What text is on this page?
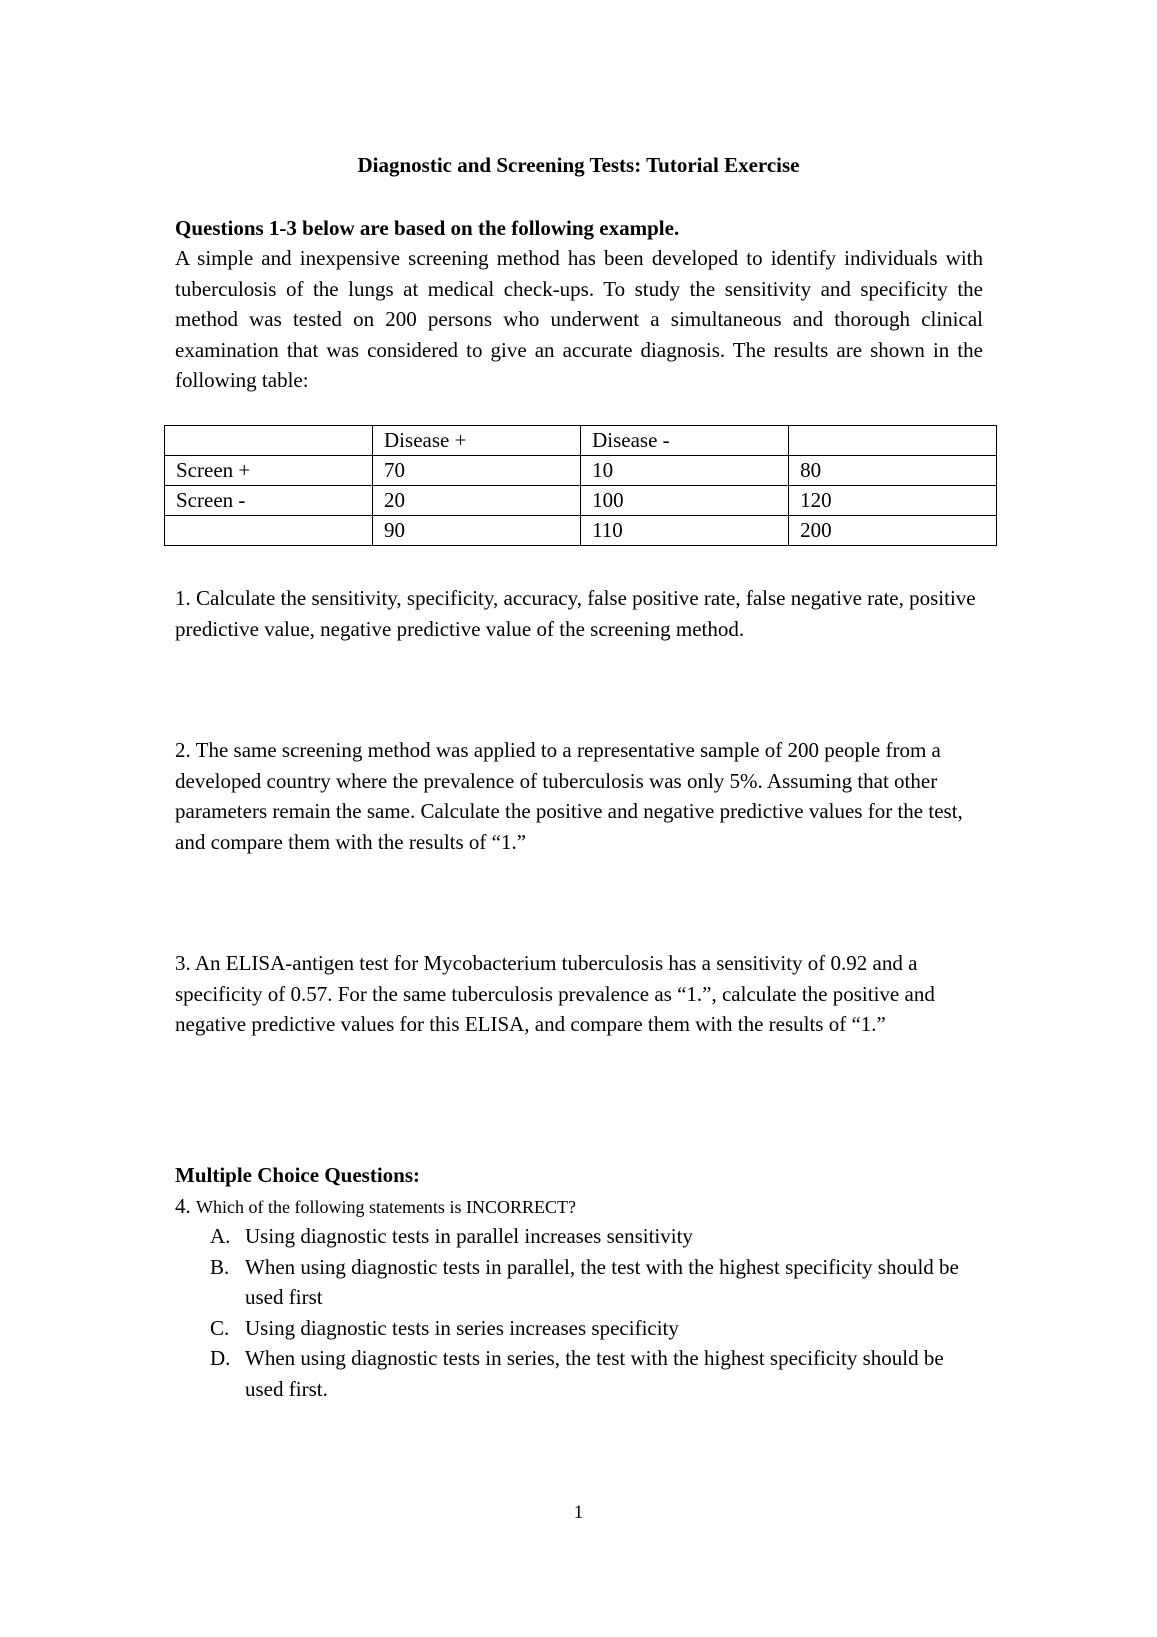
Diagnostic and Screening Tests: Tutorial Exercise
Questions 1-3 below are based on the following example.
A simple and inexpensive screening method has been developed to identify individuals with tuberculosis of the lungs at medical check-ups. To study the sensitivity and specificity the method was tested on 200 persons who underwent a simultaneous and thorough clinical examination that was considered to give an accurate diagnosis. The results are shown in the following table:
	Disease +	Disease -	
Screen +	70	10	80
Screen -	20	100	120
	90	110	200
1. Calculate the sensitivity, specificity, accuracy, false positive rate, false negative rate, positive predictive value, negative predictive value of the screening method.
2. The same screening method was applied to a representative sample of 200 people from a developed country where the prevalence of tuberculosis was only 5%. Assuming that other parameters remain the same. Calculate the positive and negative predictive values for the test, and compare them with the results of “1.”
3. An ELISA-antigen test for Mycobacterium tuberculosis has a sensitivity of 0.92 and a specificity of 0.57. For the same tuberculosis prevalence as “1.”, calculate the positive and negative predictive values for this ELISA, and compare them with the results of “1.”
Multiple Choice Questions:
4. Which of the following statements is INCORRECT?
A. Using diagnostic tests in parallel increases sensitivity
B. When using diagnostic tests in parallel, the test with the highest specificity should be used first
C. Using diagnostic tests in series increases specificity
D. When using diagnostic tests in series, the test with the highest specificity should be used first.
1
